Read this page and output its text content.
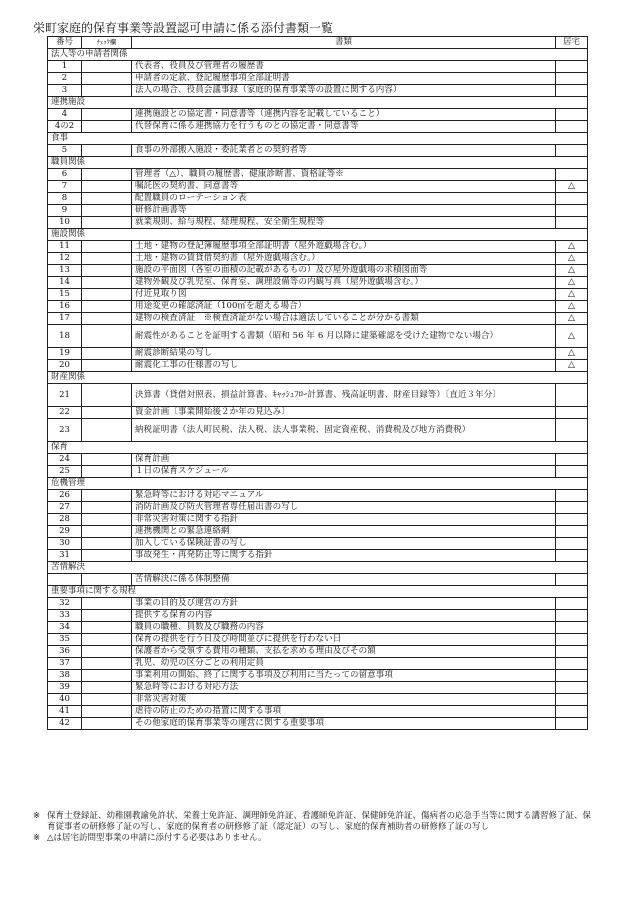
栄町家庭的保育事業等設置認可申請に係る添付書類一覧
番号	ﾁｪｯｸ欄	書類	居宅
法人等の申請者関係			
1		代表者、役員及び管理者の履歴書	
2		申請者の定款、登記履歴事項全部証明書	
3		法人の場合、役員会議事録（家庭的保育事業等の設置に関する内容）	
連携施設			
4		連携施設との協定書・同意書等（連携内容を記載していること）	
4の2		代替保育に係る連携協力を行うものとの協定書・同意書等	
食事			
5		食事の外部搬入施設・委託業者との契約者等	
職員関係			
6		管理者（△）、職員の履歴書、健康診断書、資格証等※	
7		嘱託医の契約書、同意書等	△
8		配置職員のローテーション表	
9		研修計画書等	
10		就業規則、給与規程、経理規程、安全衛生規程等	
施設関係			
11		土地・建物の登記簿履歴事項全部証明書（屋外遊戯場含む。）	△
12		土地・建物の賃貸借契約書（屋外遊戯場含む。）	△
13		施設の平面図（各室の面積の記載があるもの）及び屋外遊戯場の求積図面等	△
14		建物外観及び乳児室、保育室、調理設備等の内観写真（屋外遊戯場含む。）	△
15		付近見取り図	△
16		用途変更の確認済証（100㎡を超える場合）	△
17		建物の検査済証　※検査済証がない場合は適法していることが分かる書類	△
18		耐震性があることを証明する書類（昭和 56 年 6 月以降に建築確認を受けた建物でない場合）	△
19		耐震診断結果の写し	△
20		耐震化工事の仕様書の写し	△
財産関係			
21		決算書（貸借対照表、損益計算書、ｷｬｯｼｭﾌﾛｰ計算書、残高証明書、財産目録等）〔直近３年分〕	
22		資金計画〔事業開始後２か年の見込み〕	
23		納税証明書（法人町民税、法人税、法人事業税、固定資産税、消費税及び地方消費税）	
保育			
24		保育計画	
25		１日の保育スケジュール	
危機管理			
26		緊急時等における対応マニュアル	
27		消防計画及び防火管理者専任届出書の写し	
28		非常災害対策に関する指針	
29		連携機関との緊急連絡網	
30		加入している保険証書の写し	
31		事故発生・再発防止等に関する指針	
苦情解決			
		苦情解決に係る体制整備	
重要事項に関する規程			
32		事業の目的及び運営の方針	
33		提供する保育の内容	
34		職員の職種、員数及び職務の内容	
35		保育の提供を行う日及び時間並びに提供を行わない日	
36		保護者から受領する費用の種類、支払を求める理由及びその額	
37		乳児、幼児の区分ごとの利用定員	
38		事業利用の開始、終了に関する事項及び利用に当たっての留意事項	
39		緊急時等における対応方法	
40		非常災害対策	
41		虐待の防止のための措置に関する事項	
42		その他家庭的保育事業等の運営に関する重要事項	
※ 保育士登録証、幼稚園教諭免許状、栄養士免許証、調理師免許証、看護師免許証、保健師免許証、傷病者の応急手当等に関する講習修了証、保育従事者の研修修了証の写し、家庭的保育者の研修修了証（認定証）の写し、家庭的保育補助者の研修修了証の写し
※ △は居宅訪問型事業の申請に添付する必要はありません。
